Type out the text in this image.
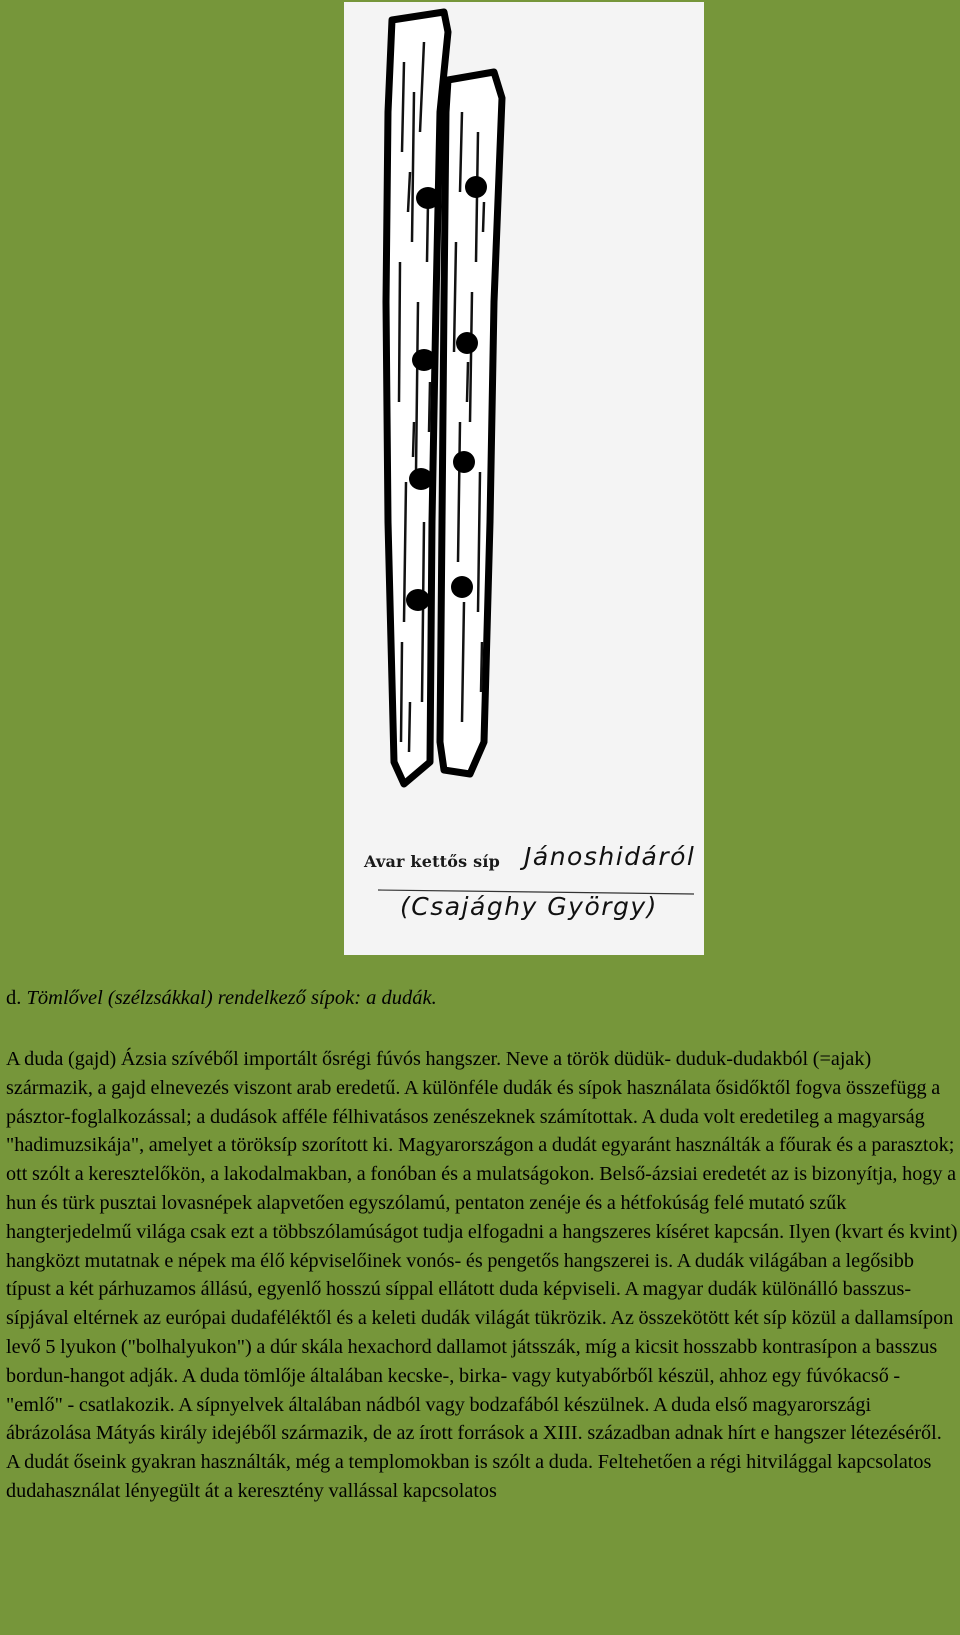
Avar kettős síp Jánoshidáról
(Csajághy György)
d. Tömlővel (szélzsákkal) rendelkező sípok: a dudák.

A duda (gajd) Ázsia szívéből importált ősrégi fúvós hangszer. Neve a török düdük- duduk-dudakból (=ajak) származik, a gajd elnevezés viszont arab eredetű. A különféle dudák és sípok használata ősidőktől fogva összefügg a pásztor-foglalkozással; a dudások afféle félhivatásos zenészeknek számítottak. A duda volt eredetileg a magyarság "hadimuzsikája", amelyet a töröksíp szorított ki. Magyarországon a dudát egyaránt használták a főurak és a parasztok; ott szólt a keresztelőkön, a lakodalmakban, a fonóban és a mulatságokon. Belső-ázsiai eredetét az is bizonyítja, hogy a hun és türk pusztai lovasnépek alapvetően egyszólamú, pentaton zenéje és a hétfokúság felé mutató szűk hangterjedelmű világa csak ezt a többszólamúságot tudja elfogadni a hangszeres kíséret kapcsán. Ilyen (kvart és kvint) hangközt mutatnak e népek ma élő képviselőinek vonós- és pengetős hangszerei is. A dudák világában a legősibb típust a két párhuzamos állású, egyenlő hosszú síppal ellátott duda képviseli. A magyar dudák különálló basszus-sípjával eltérnek az európai dudaféléktől és a keleti dudák világát tükrözik. Az összekötött két síp közül a dallamsípon levő 5 lyukon ("bolhalyukon") a dúr skála hexachord dallamot játsszák, míg a kicsit hosszabb kontrasípon a basszus bordun-hangot adják. A duda tömlője általában kecske-, birka- vagy kutyabőrből készül, ahhoz egy fúvókacső - "emlő" - csatlakozik. A sípnyelvek általában nádból vagy bodzafából készülnek. A duda első magyarországi ábrázolása Mátyás király idejéből származik, de az írott források a XIII. században adnak hírt e hangszer létezéséről. A dudát őseink gyakran használták, még a templomokban is szólt a duda. Feltehetően a régi hitvilággal kapcsolatos dudahasználat lényegült át a keresztény vallással kapcsolatos
